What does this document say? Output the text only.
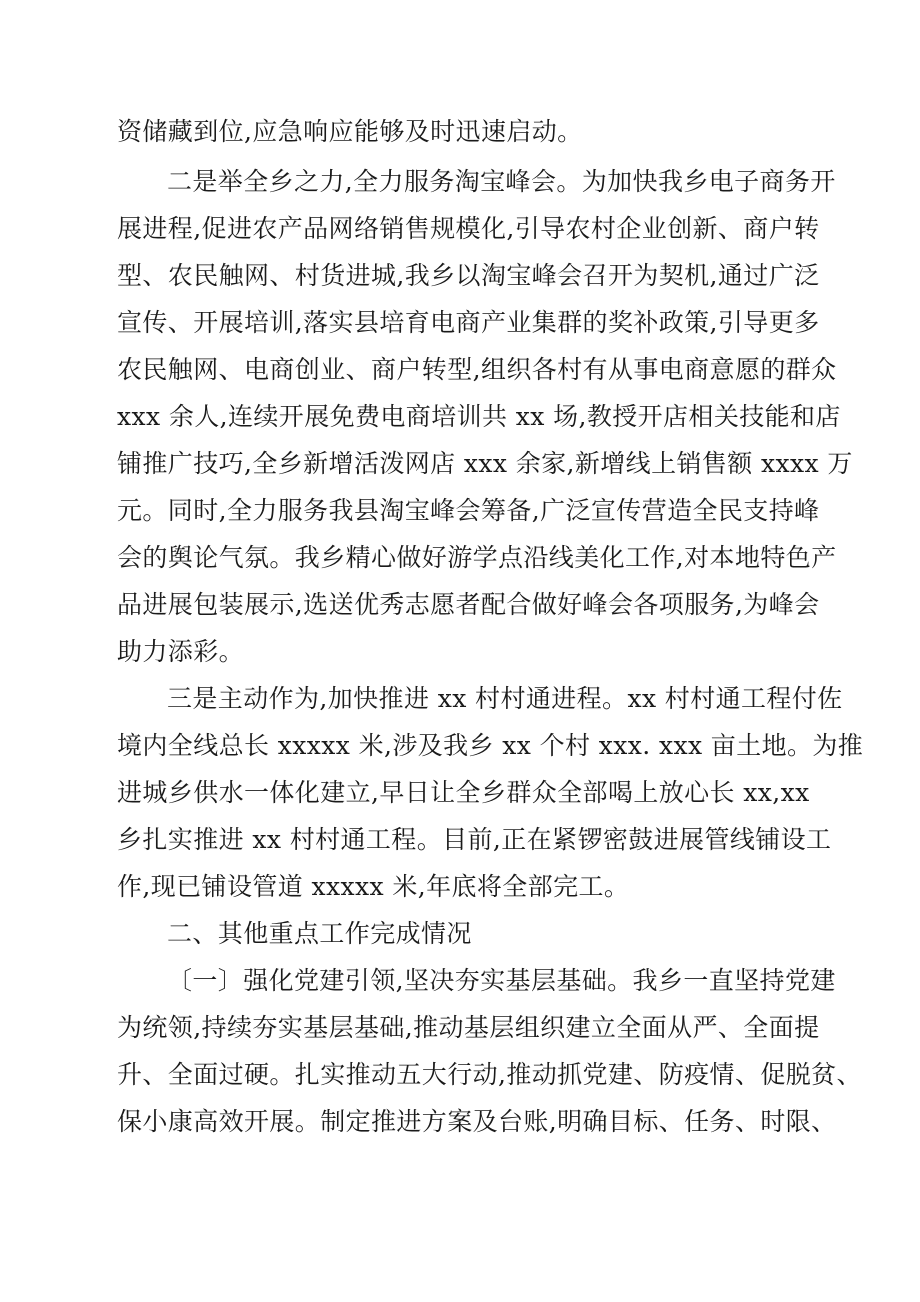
资储藏到位,应急响应能够及时迅速启动。
二是举全乡之力,全力服务淘宝峰会。为加快我乡电子商务开
展进程,促进农产品网络销售规模化,引导农村企业创新、商户转
型、农民触网、村货进城,我乡以淘宝峰会召开为契机,通过广泛
宣传、开展培训,落实县培育电商产业集群的奖补政策,引导更多
农民触网、电商创业、商户转型,组织各村有从事电商意愿的群众
xxx 余人,连续开展免费电商培训共 xx 场,教授开店相关技能和店
铺推广技巧,全乡新增活泼网店 xxx 余家,新增线上销售额 xxxx 万
元。同时,全力服务我县淘宝峰会筹备,广泛宣传营造全民支持峰
会的舆论气氛。我乡精心做好游学点沿线美化工作,对本地特色产
品进展包装展示,选送优秀志愿者配合做好峰会各项服务,为峰会
助力添彩。
三是主动作为,加快推进 xx 村村通进程。xx 村村通工程付佐
境内全线总长 xxxxx 米,涉及我乡 xx 个村 xxx. xxx 亩土地。为推
进城乡供水一体化建立,早日让全乡群众全部喝上放心长 xx,xx
乡扎实推进 xx 村村通工程。目前,正在紧锣密鼓进展管线铺设工
作,现已铺设管道 xxxxx 米,年底将全部完工。
二、其他重点工作完成情况
〔一〕强化党建引领,坚决夯实基层基础。我乡一直坚持党建
为统领,持续夯实基层基础,推动基层组织建立全面从严、全面提
升、全面过硬。扎实推动五大行动,推动抓党建、防疫情、促脱贫、
保小康高效开展。制定推进方案及台账,明确目标、任务、时限、
